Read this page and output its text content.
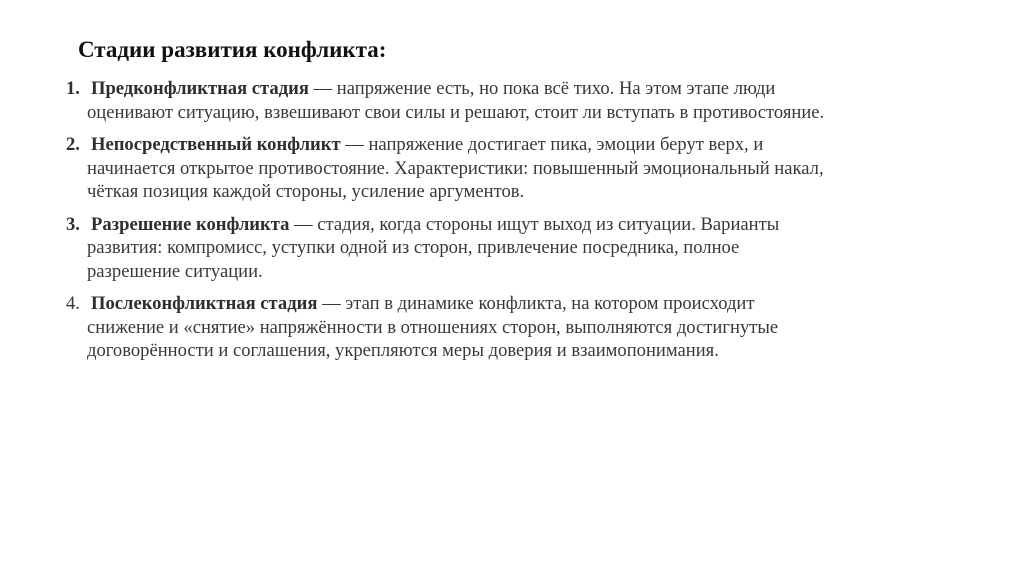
Стадии развития конфликта:
1. Предконфликтная стадия — напряжение есть, но пока всё тихо. На этом этапе люди
оценивают ситуацию, взвешивают свои силы и решают, стоит ли вступать в противостояние.
2. Непосредственный конфликт — напряжение достигает пика, эмоции берут верх, и
начинается открытое противостояние. Характеристики: повышенный эмоциональный накал,
чёткая позиция каждой стороны, усиление аргументов.
3. Разрешение конфликта — стадия, когда стороны ищут выход из ситуации. Варианты
развития: компромисс, уступки одной из сторон, привлечение посредника, полное
разрешение ситуации.
4. Послеконфликтная стадия — этап в динамике конфликта, на котором происходит
снижение и «снятие» напряжённости в отношениях сторон, выполняются достигнутые
договорённости и соглашения, укрепляются меры доверия и взаимопонимания.
